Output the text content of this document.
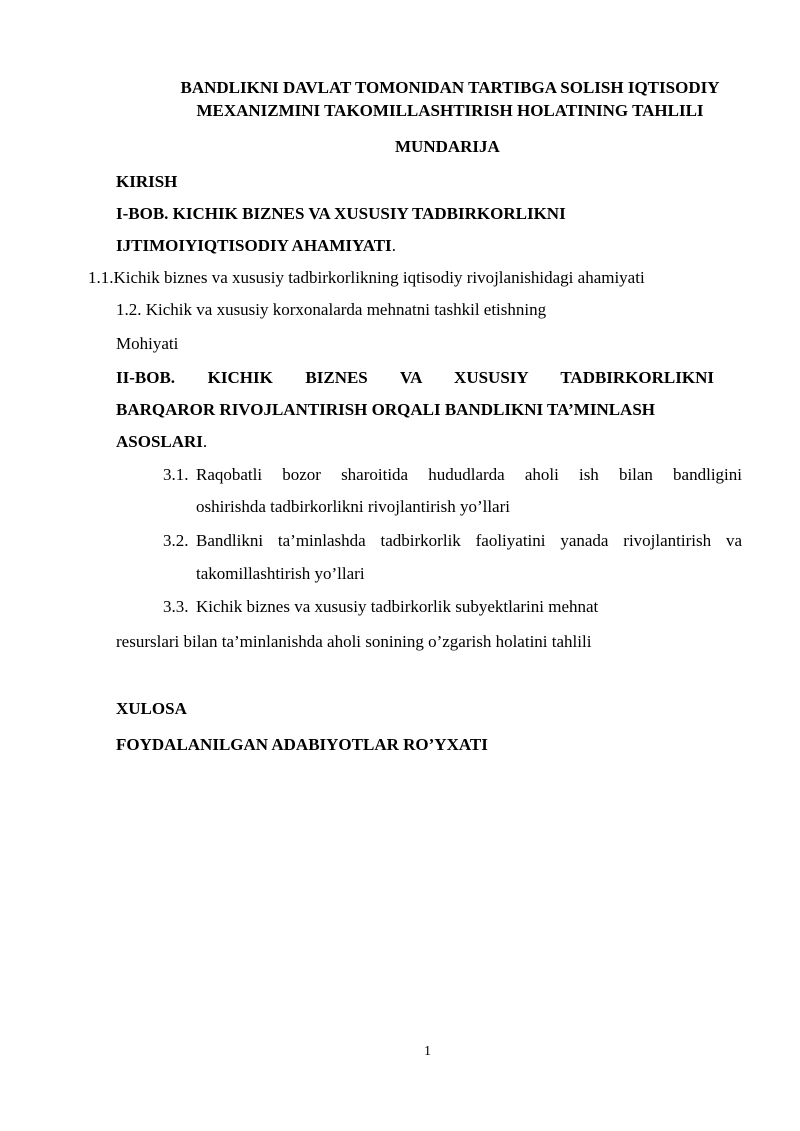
BANDLIKNI DAVLAT TOMONIDAN TARTIBGA SOLISH IQTISODIY
MEXANIZMINI TAKOMILLASHTIRISH HOLATINING TAHLILI
MUNDARIJA
KIRISH
I-BOB. KICHIK BIZNES VA XUSUSIY TADBIRKORLIKNI
IJTIMOIYIQTISODIY AHAMIYATI.
1.1.Kichik biznes va xususiy tadbirkorlikning iqtisodiy rivojlanishidagi ahamiyati
1.2. Kichik va xususiy korxonalarda mehnatni tashkil etishning
Mohiyati
II-BOB. KICHIK BIZNES VA XUSUSIY TADBIRKORLIKNI
BARQAROR RIVOJLANTIRISH ORQALI BANDLIKNI TA’MINLASH
ASOSLARI.
3.1. Raqobatli bozor sharoitida hududlarda aholi ish bilan bandligini
oshirishda tadbirkorlikni rivojlantirish yo’llari
3.2. Bandlikni ta’minlashda tadbirkorlik faoliyatini yanada rivojlantirish va
takomillashtirish yo’llari
3.3. Kichik biznes va xususiy tadbirkorlik subyektlarini mehnat
resurslari bilan ta’minlanishda aholi sonining o’zgarish holatini tahlili
XULOSA
FOYDALANILGAN ADABIYOTLAR RO’YXATI
1
